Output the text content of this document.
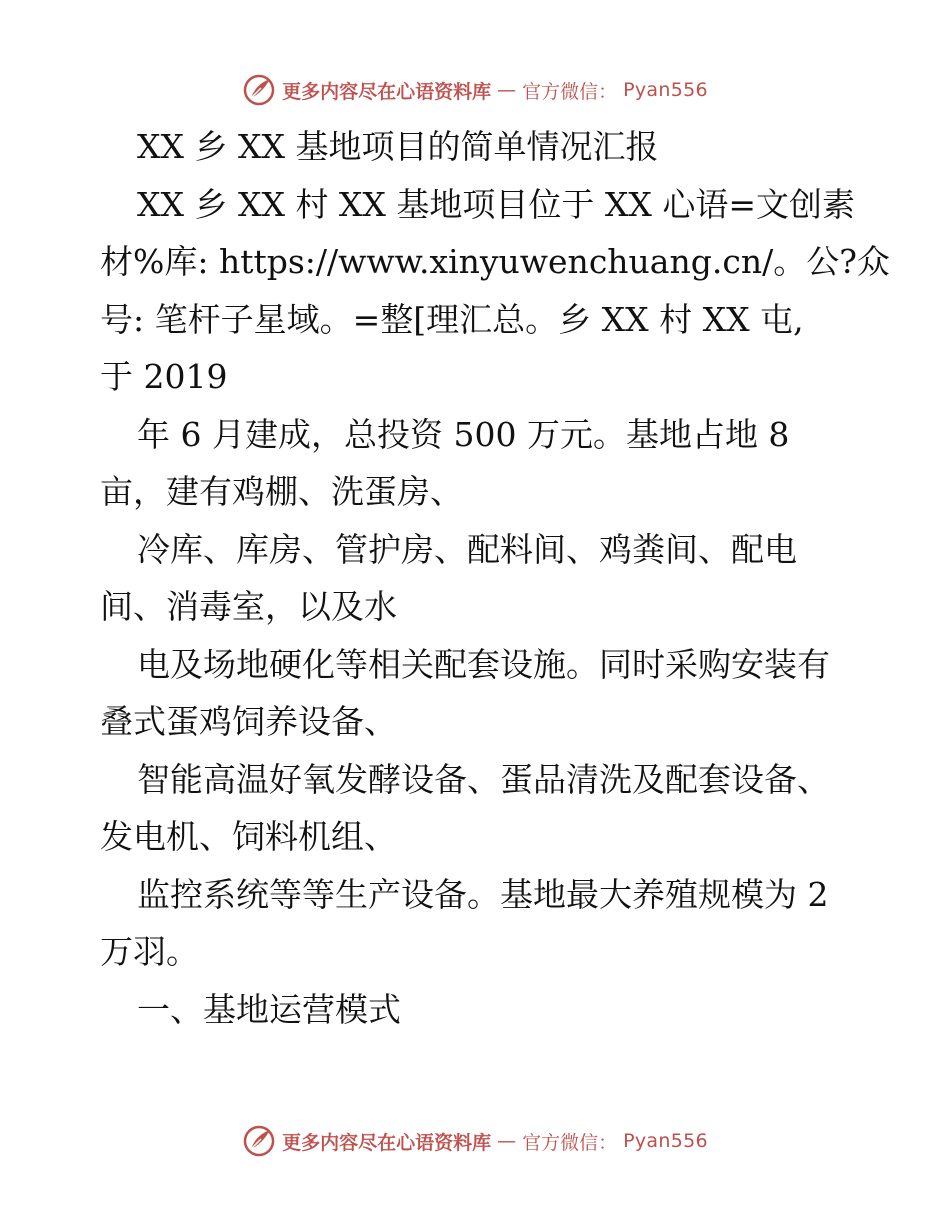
更多内容尽在心语资料库 — 官方微信： Pyan556
XX 乡 XX 基地项目的简单情况汇报
XX 乡 XX 村 XX 基地项目位于 XX 心语=文创素
材%库: https://www.xinyuwenchuang.cn/。公?众
号: 笔杆子星域。=整[理汇总。乡 XX 村 XX 屯,
于 2019
年 6 月建成，总投资 500 万元。基地占地 8
亩，建有鸡棚、洗蛋房、
冷库、库房、管护房、配料间、鸡粪间、配电
间、消毒室，以及水
电及场地硬化等相关配套设施。同时采购安装有
叠式蛋鸡饲养设备、
智能高温好氧发酵设备、蛋品清洗及配套设备、
发电机、饲料机组、
监控系统等等生产设备。基地最大养殖规模为 2
万羽。
一、基地运营模式
更多内容尽在心语资料库 — 官方微信： Pyan556
